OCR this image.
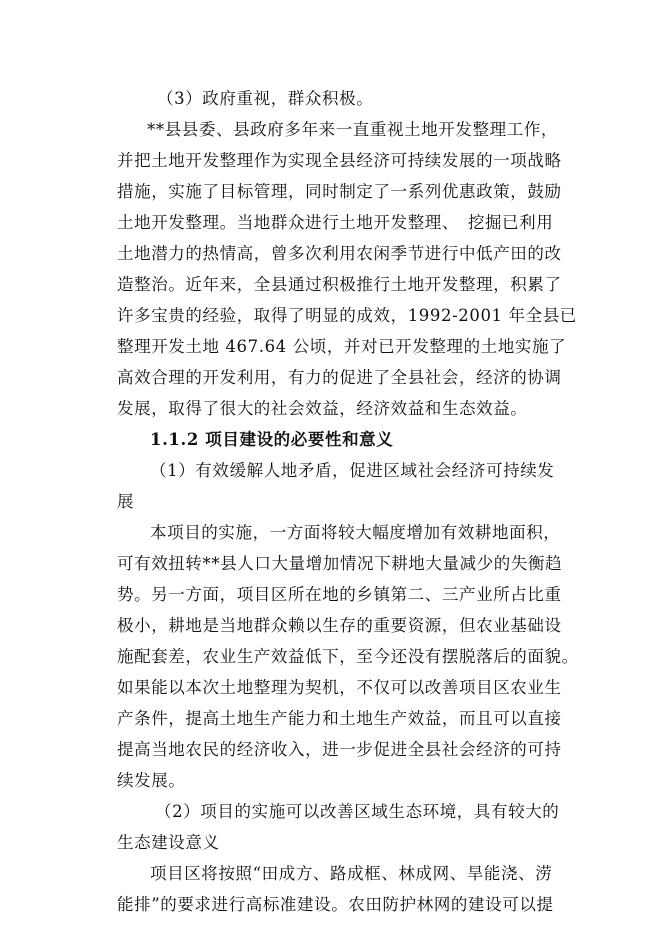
（3）政府重视，群众积极。
**县县委、县政府多年来一直重视土地开发整理工作，
并把土地开发整理作为实现全县经济可持续发展的一项战略
措施，实施了目标管理，同时制定了一系列优惠政策，鼓励
土地开发整理。当地群众进行土地开发整理、　挖掘已利用
土地潜力的热情高，曾多次利用农闲季节进行中低产田的改
造整治。近年来，全县通过积极推行土地开发整理，积累了
许多宝贵的经验，取得了明显的成效，1992-2001 年全县已
整理开发土地 467.64 公顷，并对已开发整理的土地实施了
高效合理的开发利用，有力的促进了全县社会，经济的协调
发展，取得了很大的社会效益，经济效益和生态效益。
1.1.2 项目建设的必要性和意义
（1）有效缓解人地矛盾，促进区域社会经济可持续发
展
本项目的实施，一方面将较大幅度增加有效耕地面积，
可有效扭转**县人口大量增加情况下耕地大量减少的失衡趋
势。另一方面，项目区所在地的乡镇第二、三产业所占比重
极小，耕地是当地群众赖以生存的重要资源，但农业基础设
施配套差，农业生产效益低下，至今还没有摆脱落后的面貌。
如果能以本次土地整理为契机，不仅可以改善项目区农业生
产条件，提高土地生产能力和土地生产效益，而且可以直接
提高当地农民的经济收入，进一步促进全县社会经济的可持
续发展。
（2）项目的实施可以改善区域生态环境，具有较大的
生态建设意义
项目区将按照“田成方、路成框、林成网、旱能浇、涝
能排”的要求进行高标准建设。农田防护林网的建设可以提
